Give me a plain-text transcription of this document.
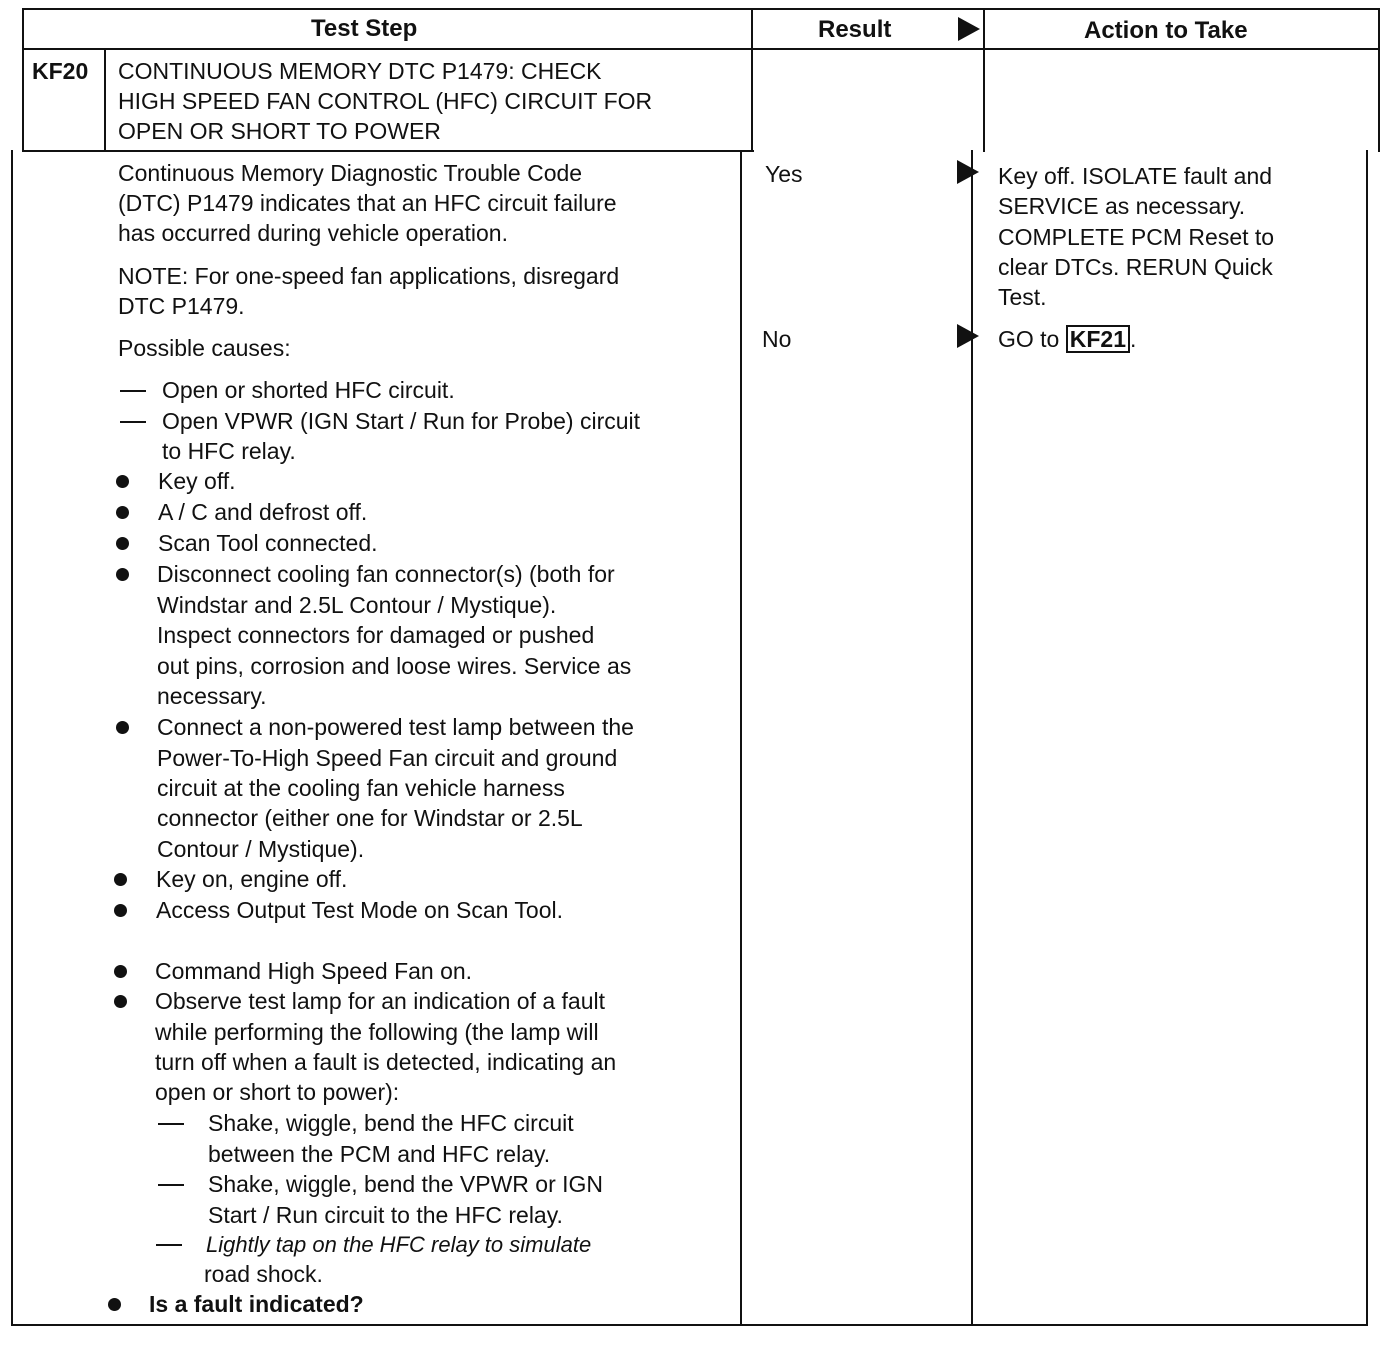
Test Step	Result	Action to Take
KF20 CONTINUOUS MEMORY DTC P1479: CHECK
HIGH SPEED FAN CONTROL (HFC) CIRCUIT FOR
OPEN OR SHORT TO POWER
Continuous Memory Diagnostic Trouble Code
(DTC) P1479 indicates that an HFC circuit failure
has occurred during vehicle operation.
NOTE: For one-speed fan applications, disregard
DTC P1479.
Possible causes:
Open or shorted HFC circuit.
Open VPWR (IGN Start / Run for Probe) circuit
to HFC relay.
Key off.
A / C and defrost off.
Scan Tool connected.
Disconnect cooling fan connector(s) (both for
Windstar and 2.5L Contour / Mystique).
Inspect connectors for damaged or pushed
out pins, corrosion and loose wires. Service as
necessary.
Connect a non-powered test lamp between the
Power-To-High Speed Fan circuit and ground
circuit at the cooling fan vehicle harness
connector (either one for Windstar or 2.5L
Contour / Mystique).
Key on, engine off.
Access Output Test Mode on Scan Tool.
Command High Speed Fan on.
Observe test lamp for an indication of a fault
while performing the following (the lamp will
turn off when a fault is detected, indicating an
open or short to power):
Shake, wiggle, bend the HFC circuit
between the PCM and HFC relay.
Shake, wiggle, bend the VPWR or IGN
Start / Run circuit to the HFC relay.
Lightly tap on the HFC relay to simulate
road shock.
Is a fault indicated?
Yes
No
Key off. ISOLATE fault and
SERVICE as necessary.
COMPLETE PCM Reset to
clear DTCs. RERUN Quick
Test.
GO to KF21 .
